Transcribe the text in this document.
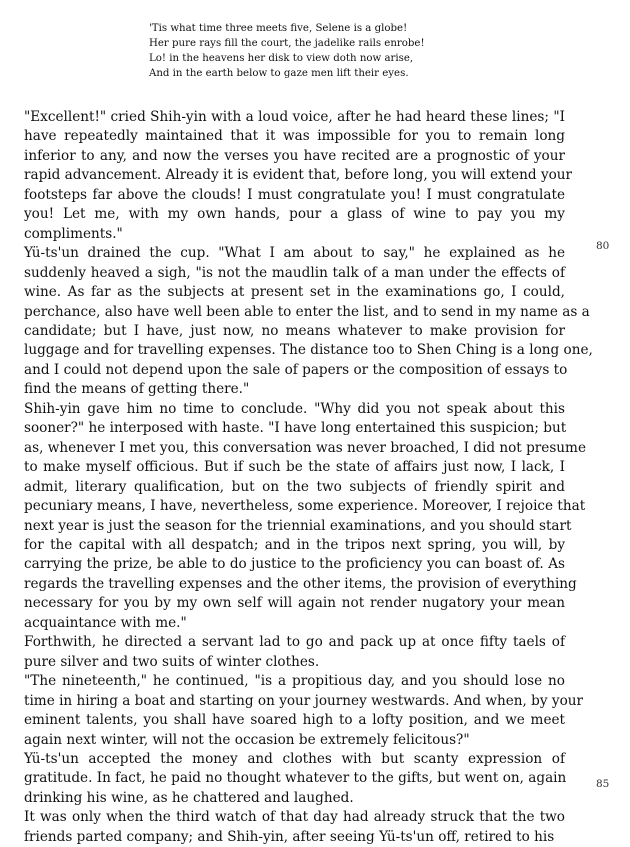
'Tis what time three meets five, Selene is a globe!
Her pure rays fill the court, the jadelike rails enrobe!
Lo! in the heavens her disk to view doth now arise,
And in the earth below to gaze men lift their eyes.
"Excellent!" cried Shih-yin with a loud voice, after he had heard these lines; "I
have repeatedly maintained that it was impossible for you to remain long
inferior to any, and now the verses you have recited are a prognostic of your
rapid advancement. Already it is evident that, before long, you will extend your
footsteps far above the clouds! I must congratulate you! I must congratulate
you! Let me, with my own hands, pour a glass of wine to pay you my
compliments."
Yü-ts'un drained the cup. "What I am about to say," he explained as he
suddenly heaved a sigh, "is not the maudlin talk of a man under the effects of
wine. As far as the subjects at present set in the examinations go, I could,
perchance, also have well been able to enter the list, and to send in my name as a
candidate; but I have, just now, no means whatever to make provision for
luggage and for travelling expenses. The distance too to Shen Ching is a long one,
and I could not depend upon the sale of papers or the composition of essays to
find the means of getting there."
Shih-yin gave him no time to conclude. "Why did you not speak about this
sooner?" he interposed with haste. "I have long entertained this suspicion; but
as, whenever I met you, this conversation was never broached, I did not presume
to make myself officious. But if such be the state of affairs just now, I lack, I
admit, literary qualification, but on the two subjects of friendly spirit and
pecuniary means, I have, nevertheless, some experience. Moreover, I rejoice that
next year is just the season for the triennial examinations, and you should start
for the capital with all despatch; and in the tripos next spring, you will, by
carrying the prize, be able to do justice to the proficiency you can boast of. As
regards the travelling expenses and the other items, the provision of everything
necessary for you by my own self will again not render nugatory your mean
acquaintance with me."
Forthwith, he directed a servant lad to go and pack up at once fifty taels of
pure silver and two suits of winter clothes.
"The nineteenth," he continued, "is a propitious day, and you should lose no
time in hiring a boat and starting on your journey westwards. And when, by your
eminent talents, you shall have soared high to a lofty position, and we meet
again next winter, will not the occasion be extremely felicitous?"
Yü-ts'un accepted the money and clothes with but scanty expression of
gratitude. In fact, he paid no thought whatever to the gifts, but went on, again
drinking his wine, as he chattered and laughed.
It was only when the third watch of that day had already struck that the two
friends parted company; and Shih-yin, after seeing Yü-ts'un off, retired to his
80
85
